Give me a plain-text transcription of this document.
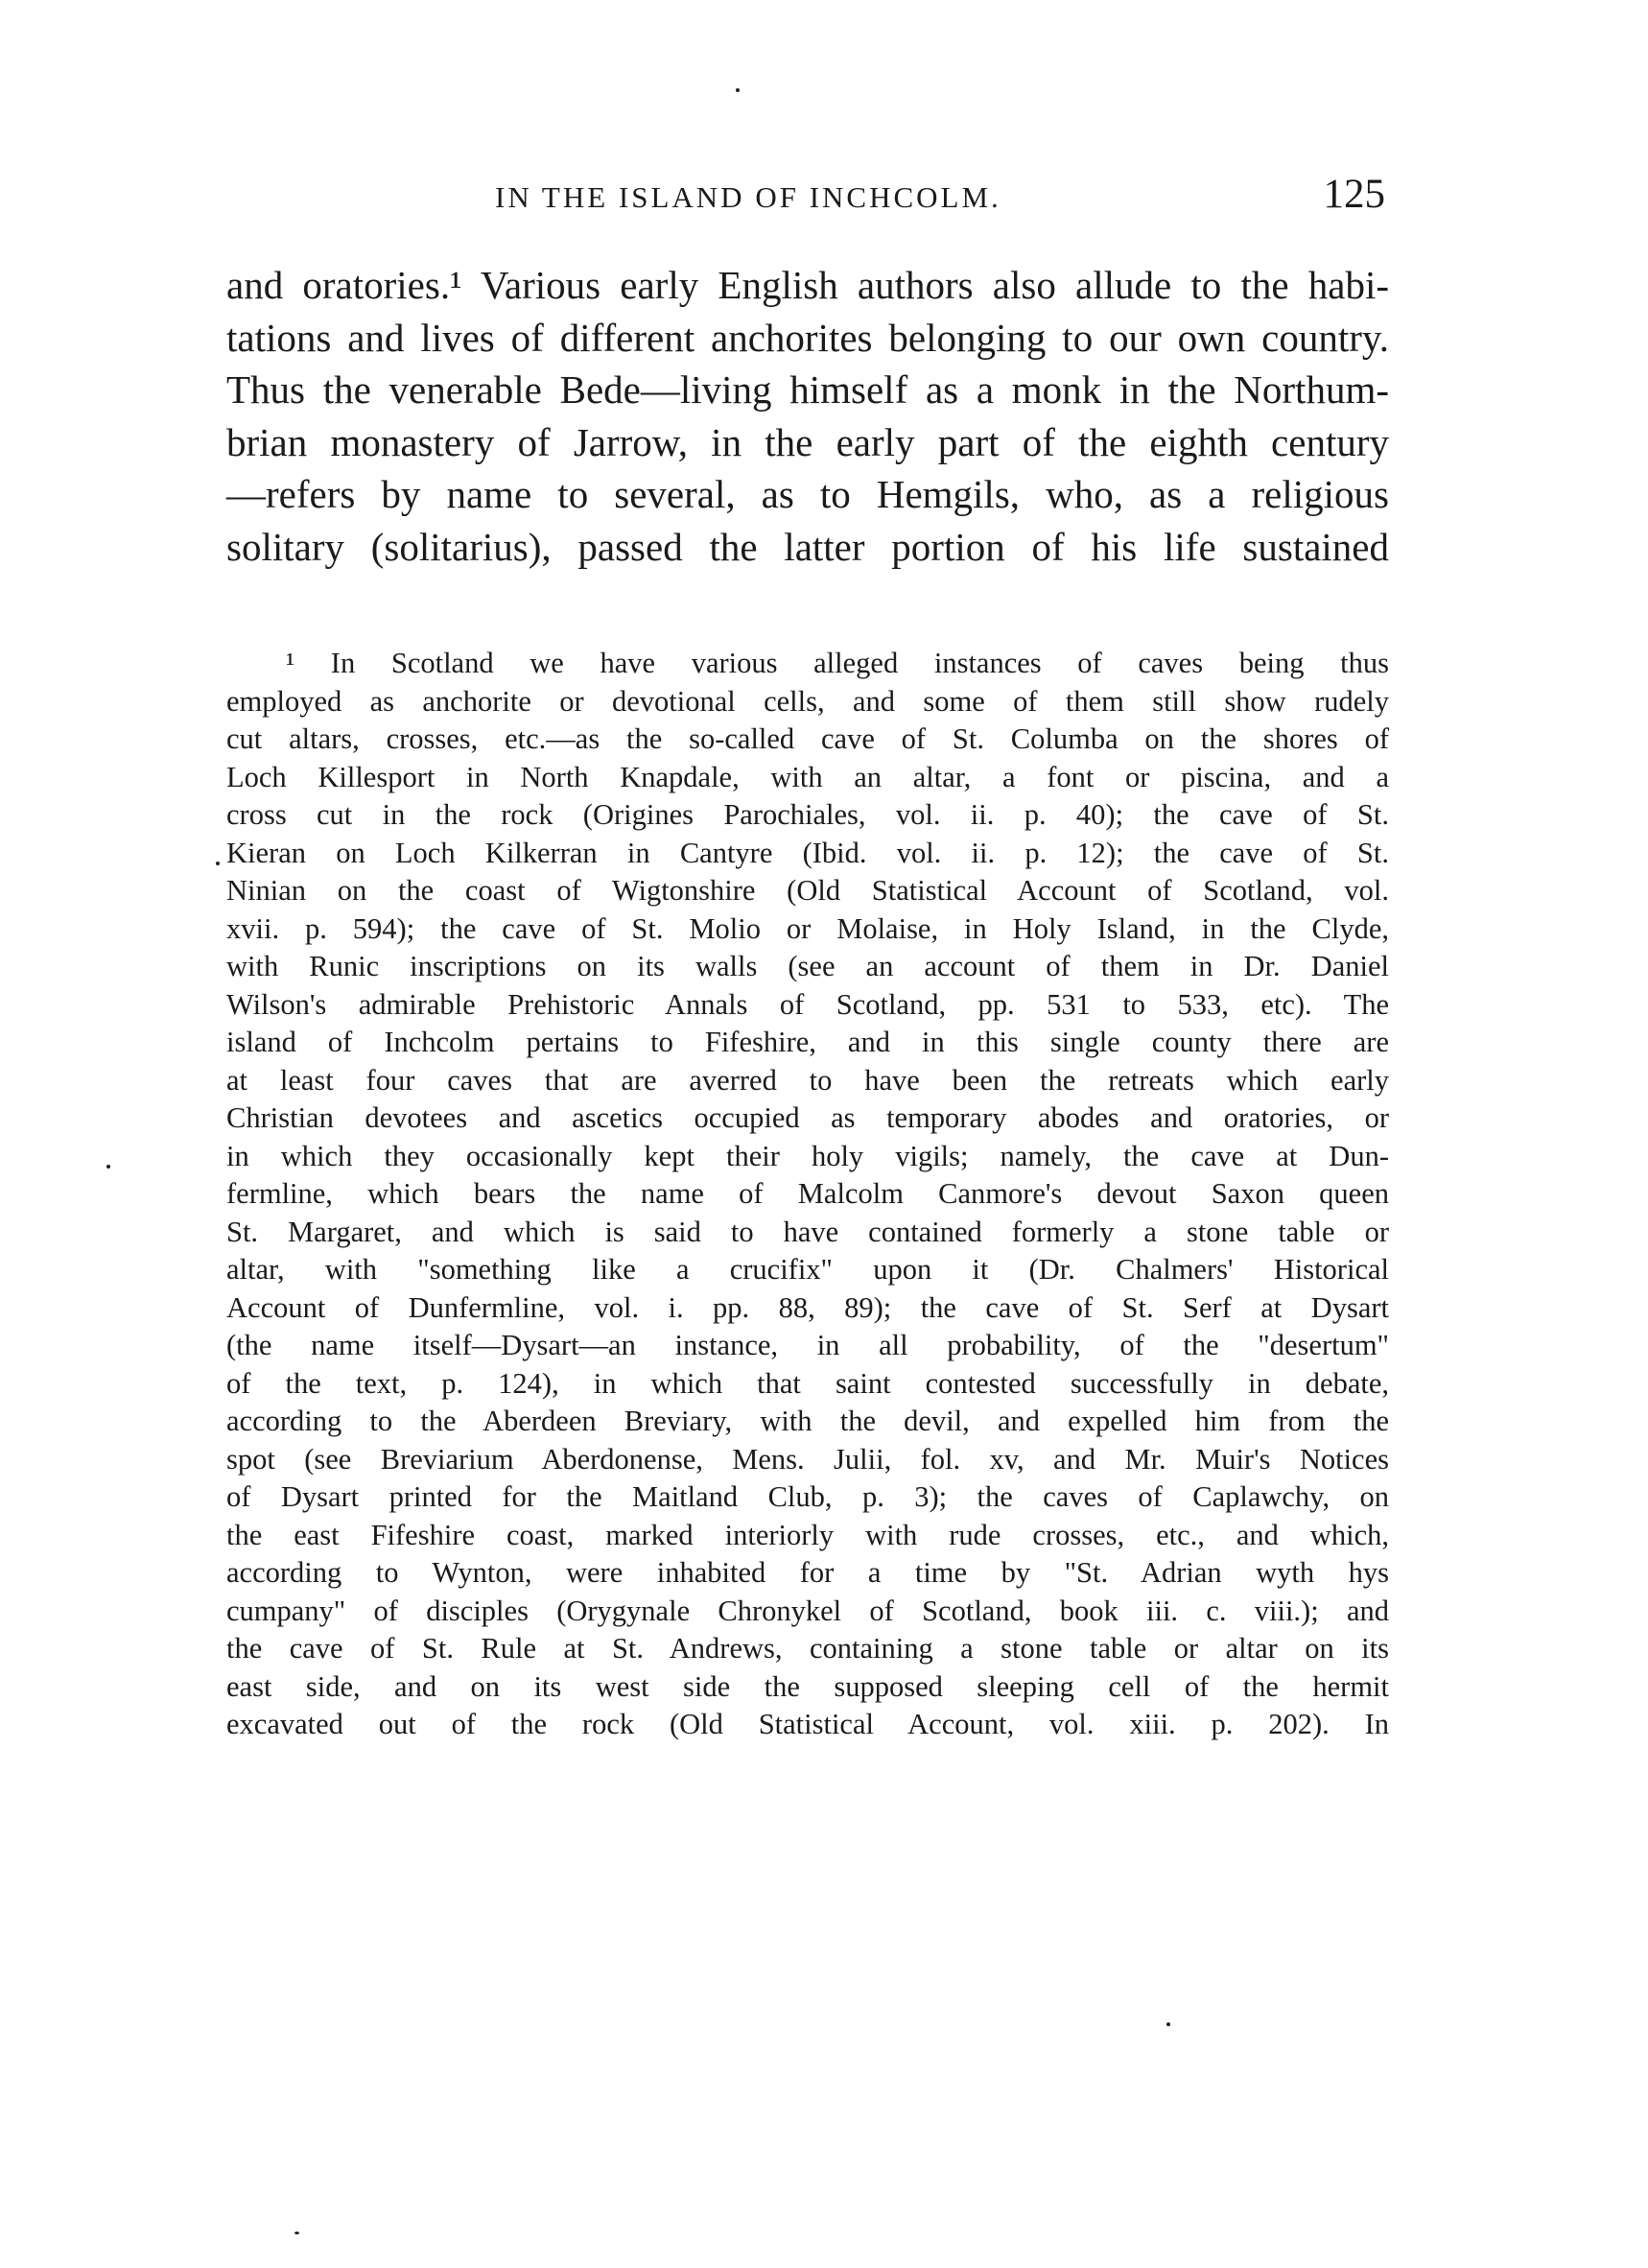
IN THE ISLAND OF INCHCOLM.	125
and oratories.¹ Various early English authors also allude to the habi-
tations and lives of different anchorites belonging to our own country.
Thus the venerable Bede—living himself as a monk in the Northum-
brian monastery of Jarrow, in the early part of the eighth century
—refers by name to several, as to Hemgils, who, as a religious
solitary (solitarius), passed the latter portion of his life sustained
¹ In Scotland we have various alleged instances of caves being thus
employed as anchorite or devotional cells, and some of them still show rudely
cut altars, crosses, etc.—as the so-called cave of St. Columba on the shores of
Loch Killesport in North Knapdale, with an altar, a font or piscina, and a
cross cut in the rock (Origines Parochiales, vol. ii. p. 40); the cave of St.
Kieran on Loch Kilkerran in Cantyre (Ibid. vol. ii. p. 12); the cave of St.
Ninian on the coast of Wigtonshire (Old Statistical Account of Scotland, vol.
xvii. p. 594); the cave of St. Molio or Molaise, in Holy Island, in the Clyde,
with Runic inscriptions on its walls (see an account of them in Dr. Daniel
Wilson's admirable Prehistoric Annals of Scotland, pp. 531 to 533, etc). The
island of Inchcolm pertains to Fifeshire, and in this single county there are
at least four caves that are averred to have been the retreats which early
Christian devotees and ascetics occupied as temporary abodes and oratories, or
in which they occasionally kept their holy vigils; namely, the cave at Dun-
fermline, which bears the name of Malcolm Canmore's devout Saxon queen
St. Margaret, and which is said to have contained formerly a stone table or
altar, with "something like a crucifix" upon it (Dr. Chalmers' Historical
Account of Dunfermline, vol. i. pp. 88, 89); the cave of St. Serf at Dysart
(the name itself—Dysart—an instance, in all probability, of the "desertum"
of the text, p. 124), in which that saint contested successfully in debate,
according to the Aberdeen Breviary, with the devil, and expelled him from the
spot (see Breviarium Aberdonense, Mens. Julii, fol. xv, and Mr. Muir's Notices
of Dysart printed for the Maitland Club, p. 3); the caves of Caplawchy, on
the east Fifeshire coast, marked interiorly with rude crosses, etc., and which,
according to Wynton, were inhabited for a time by "St. Adrian wyth hys
cumpany" of disciples (Orygynale Chronykel of Scotland, book iii. c. viii.); and
the cave of St. Rule at St. Andrews, containing a stone table or altar on its
east side, and on its west side the supposed sleeping cell of the hermit
excavated out of the rock (Old Statistical Account, vol. xiii. p. 202). In
